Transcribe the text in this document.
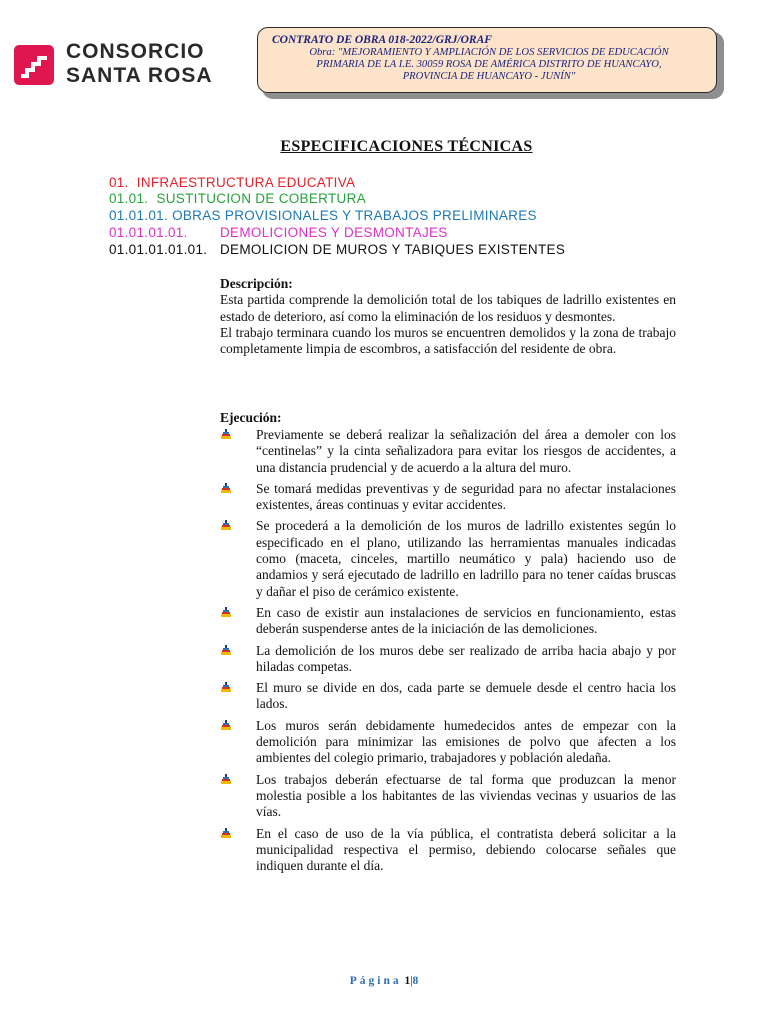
CONSORCIO
SANTA ROSA
CONTRATO DE OBRA 018-2022/GRJ/ORAF
Obra: "MEJORAMIENTO Y AMPLIACIÓN DE LOS SERVICIOS DE EDUCACIÓN
PRIMARIA DE LA I.E. 30059 ROSA DE AMÉRICA DISTRITO DE HUANCAYO,
PROVINCIA DE HUANCAYO - JUNÍN"
ESPECIFICACIONES TÉCNICAS
01. INFRAESTRUCTURA EDUCATIVA
01.01. SUSTITUCION DE COBERTURA
01.01.01. OBRAS PROVISIONALES Y TRABAJOS PRELIMINARES
01.01.01.01. DEMOLICIONES Y DESMONTAJES
01.01.01.01.01. DEMOLICION DE MUROS Y TABIQUES EXISTENTES
Descripción:
Esta partida comprende la demolición total de los tabiques de ladrillo existentes en estado de deterioro, así como la eliminación de los residuos y desmontes.
El trabajo terminara cuando los muros se encuentren demolidos y la zona de trabajo completamente limpia de escombros, a satisfacción del residente de obra.
Ejecución:
Previamente se deberá realizar la señalización del área a demoler con los “centinelas” y la cinta señalizadora para evitar los riesgos de accidentes, a una distancia prudencial y de acuerdo a la altura del muro.
Se tomará medidas preventivas y de seguridad para no afectar instalaciones existentes, áreas continuas y evitar accidentes.
Se procederá a la demolición de los muros de ladrillo existentes según lo especificado en el plano, utilizando las herramientas manuales indicadas como (maceta, cinceles, martillo neumático y pala) haciendo uso de andamios y será ejecutado de ladrillo en ladrillo para no tener caídas bruscas y dañar el piso de cerámico existente.
En caso de existir aun instalaciones de servicios en funcionamiento, estas deberán suspenderse antes de la iniciación de las demoliciones.
La demolición de los muros debe ser realizado de arriba hacia abajo y por hiladas competas.
El muro se divide en dos, cada parte se demuele desde el centro hacia los lados.
Los muros serán debidamente humedecidos antes de empezar con la demolición para minimizar las emisiones de polvo que afecten a los ambientes del colegio primario, trabajadores y población aledaña.
Los trabajos deberán efectuarse de tal forma que produzcan la menor molestia posible a los habitantes de las viviendas vecinas y usuarios de las vías.
En el caso de uso de la vía pública, el contratista deberá solicitar a la municipalidad respectiva el permiso, debiendo colocarse señales que indiquen durante el día.
Página 1|8
